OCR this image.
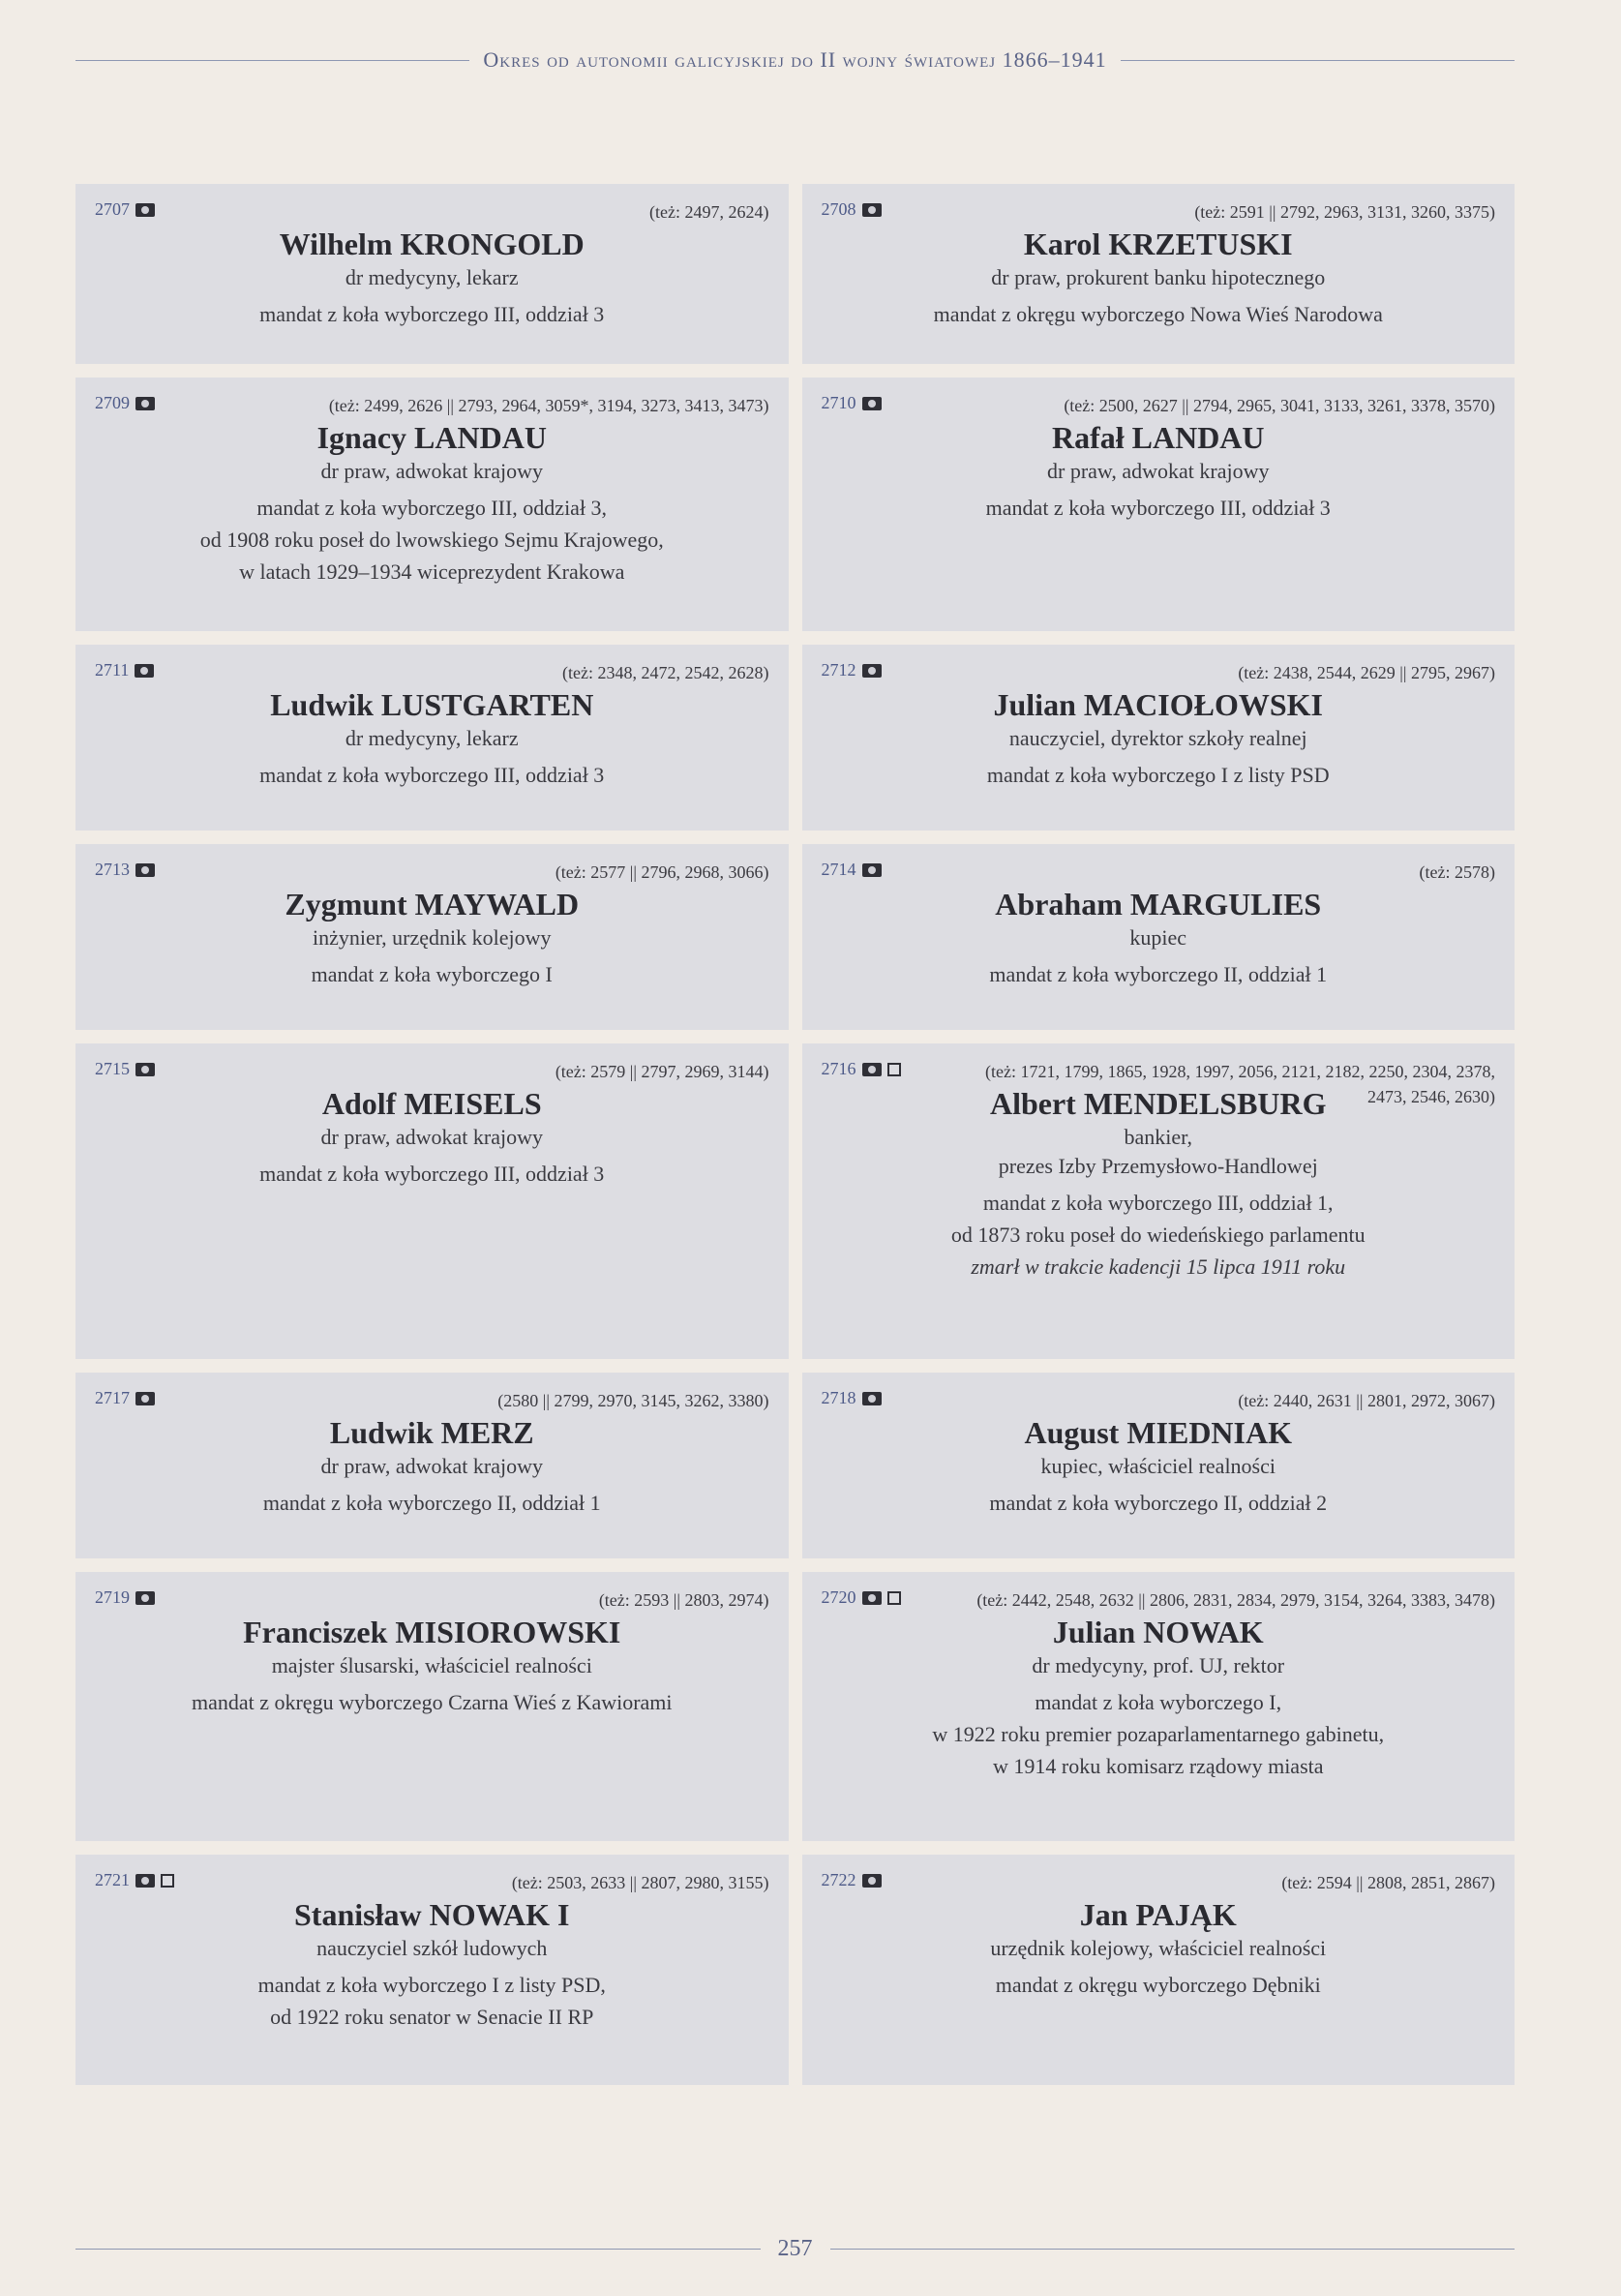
Okres od autonomii galicyjskiej do II wojny światowej 1866–1941
2707	(też: 2497, 2624)
Wilhelm KRONGOLD
dr medycyny, lekarz
mandat z koła wyborczego III, oddział 3
2708	(też: 2591 || 2792, 2963, 3131, 3260, 3375)
Karol KRZETUSKI
dr praw, prokurent banku hipotecznego
mandat z okręgu wyborczego Nowa Wieś Narodowa
2709	(też: 2499, 2626 || 2793, 2964, 3059*, 3194, 3273, 3413, 3473)
Ignacy LANDAU
dr praw, adwokat krajowy
mandat z koła wyborczego III, oddział 3,
od 1908 roku poseł do lwowskiego Sejmu Krajowego,
w latach 1929–1934 wiceprezydent Krakowa
2710	(też: 2500, 2627 || 2794, 2965, 3041, 3133, 3261, 3378, 3570)
Rafał LANDAU
dr praw, adwokat krajowy
mandat z koła wyborczego III, oddział 3
2711	(też: 2348, 2472, 2542, 2628)
Ludwik LUSTGARTEN
dr medycyny, lekarz
mandat z koła wyborczego III, oddział 3
2712	(też: 2438, 2544, 2629 || 2795, 2967)
Julian MACIOŁOWSKI
nauczyciel, dyrektor szkoły realnej
mandat z koła wyborczego I z listy PSD
2713	(też: 2577 || 2796, 2968, 3066)
Zygmunt MAYWALD
inżynier, urzędnik kolejowy
mandat z koła wyborczego I
2714	(też: 2578)
Abraham MARGULIES
kupiec
mandat z koła wyborczego II, oddział 1
2715	(też: 2579 || 2797, 2969, 3144)
Adolf MEISELS
dr praw, adwokat krajowy
mandat z koła wyborczego III, oddział 3
2716	(też: 1721, 1799, 1865, 1928, 1997, 2056, 2121, 2182, 2250, 2304, 2378, 2473, 2546, 2630)
Albert MENDELSBURG
bankier,
prezes Izby Przemysłowo-Handlowej
mandat z koła wyborczego III, oddział 1,
od 1873 roku poseł do wiedeńskiego parlamentu
zmarł w trakcie kadencji 15 lipca 1911 roku
2717	(2580 || 2799, 2970, 3145, 3262, 3380)
Ludwik MERZ
dr praw, adwokat krajowy
mandat z koła wyborczego II, oddział 1
2718	(też: 2440, 2631 || 2801, 2972, 3067)
August MIEDNIAK
kupiec, właściciel realności
mandat z koła wyborczego II, oddział 2
2719	(też: 2593 || 2803, 2974)
Franciszek MISIOROWSKI
majster ślusarski, właściciel realności
mandat z okręgu wyborczego Czarna Wieś z Kawiorami
2720	(też: 2442, 2548, 2632 || 2806, 2831, 2834, 2979, 3154, 3264, 3383, 3478)
Julian NOWAK
dr medycyny, prof. UJ, rektor
mandat z koła wyborczego I,
w 1922 roku premier pozaparlamentarnego gabinetu,
w 1914 roku komisarz rządowy miasta
2721	(też: 2503, 2633 || 2807, 2980, 3155)
Stanisław NOWAK I
nauczyciel szkół ludowych
mandat z koła wyborczego I z listy PSD,
od 1922 roku senator w Senacie II RP
2722	(też: 2594 || 2808, 2851, 2867)
Jan PAJĄK
urzędnik kolejowy, właściciel realności
mandat z okręgu wyborczego Dębniki
257
